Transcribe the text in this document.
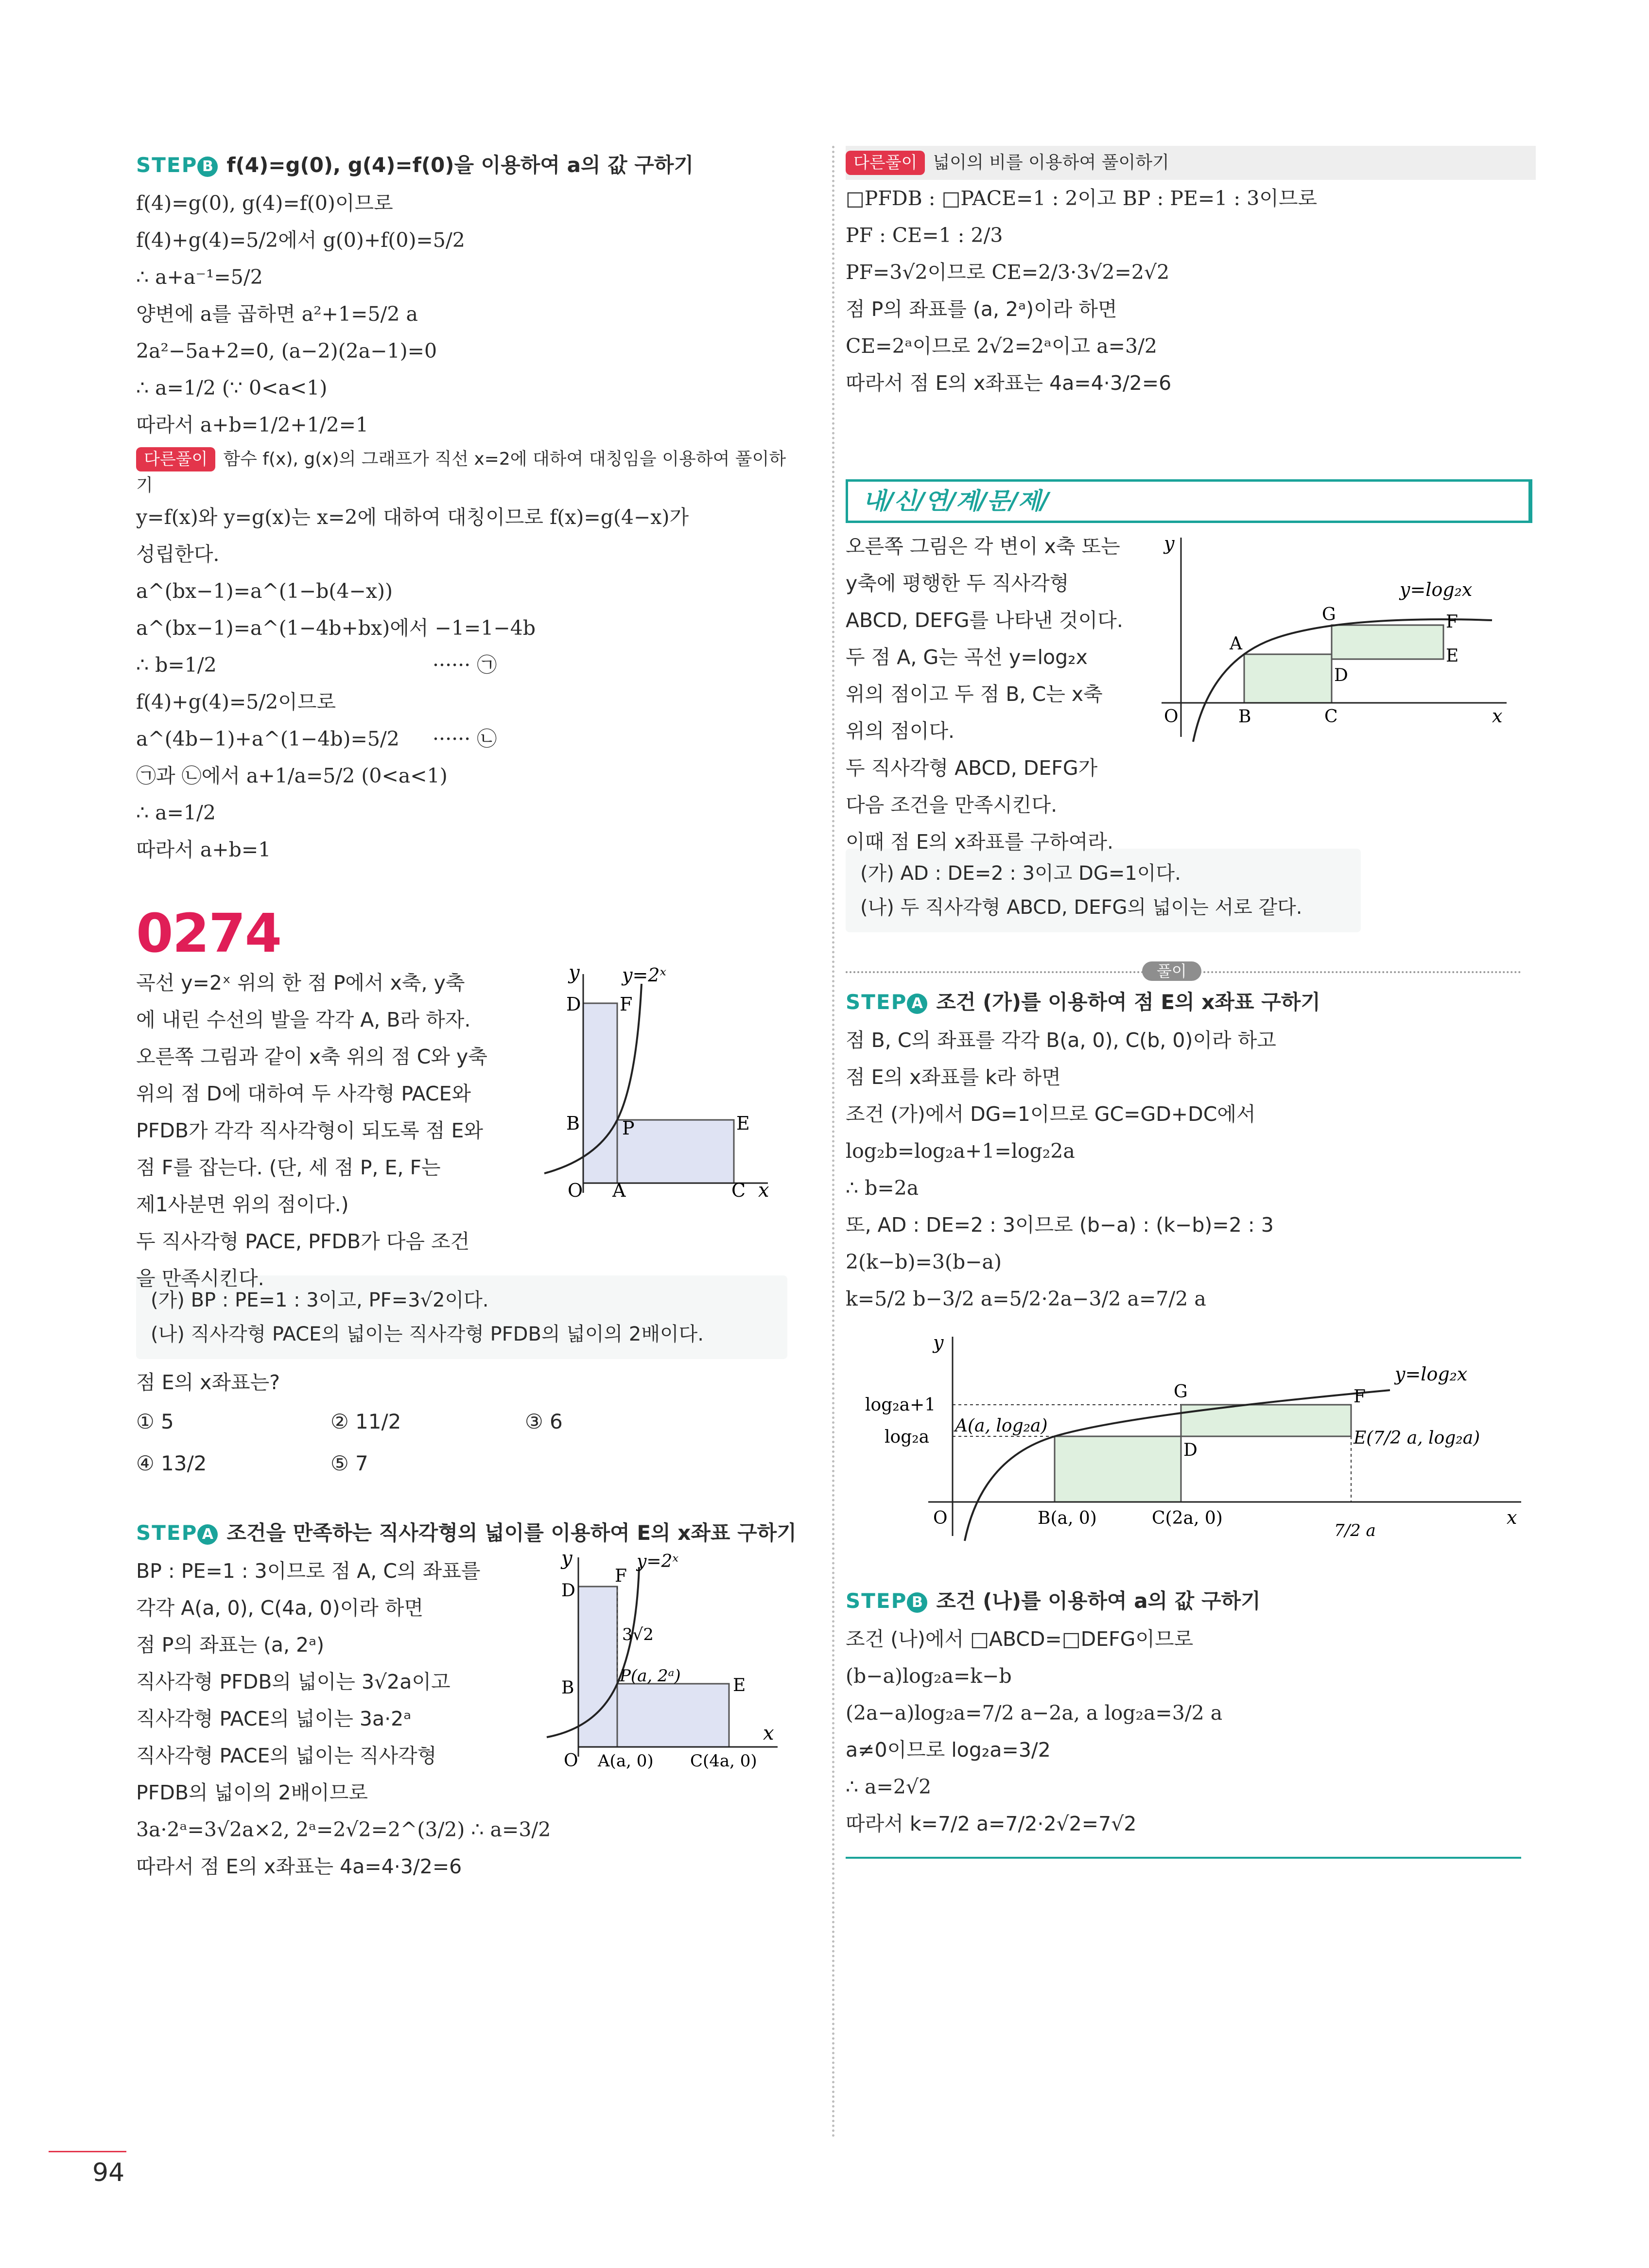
94
STEP B f(4)=g(0), g(4)=f(0)을 이용하여 a의 값 구하기
f(4)=g(0), g(4)=f(0)이므로
f(4)+g(4)=5/2에서 g(0)+f(0)=5/2
∴ a+a⁻¹=5/2
양변에 a를 곱하면 a²+1=5/2 a
2a²−5a+2=0, (a−2)(2a−1)=0
∴ a=1/2 (∵ 0<a<1)
따라서 a+b=1/2+1/2=1
다른풀이 함수 f(x), g(x)의 그래프가 직선 x=2에 대하여 대칭임을 이용하여 풀이하기
y=f(x)와 y=g(x)는 x=2에 대하여 대칭이므로 f(x)=g(4−x)가
성립한다.
a^(bx−1)=a^(1−b(4−x))
a^(bx−1)=a^(1−4b+bx)에서 −1=1−4b
∴ b=1/2	······ ㉠
f(4)+g(4)=5/2이므로
a^(4b−1)+a^(1−4b)=5/2 ······ ㉡
㉠과 ㉡에서 a+1/a=5/2 (0<a<1)
∴ a=1/2
따라서 a+b=1
0274
곡선 y=2ˣ 위의 한 점 P에서 x축, y축
에 내린 수선의 발을 각각 A, B라 하자.
오른쪽 그림과 같이 x축 위의 점 C와 y축
위의 점 D에 대하여 두 사각형 PACE와
PFDB가 각각 직사각형이 되도록 점 E와
점 F를 잡는다. (단, 세 점 P, E, F는
제1사분면 위의 점이다.)
두 직사각형 PACE, PFDB가 다음 조건
을 만족시킨다.
y
x
O A	C
D F
B P	E
y=2ˣ
(가) BP : PE=1 : 3이고, PF=3√2이다.
(나) 직사각형 PACE의 넓이는 직사각형 PFDB의 넓이의 2배이다.
점 E의 x좌표는?
① 5	② 11/2	③ 6
④ 13/2	⑤ 7
STEP A 조건을 만족하는 직사각형의 넓이를 이용하여 E의 x좌표 구하기
BP : PE=1 : 3이므로 점 A, C의 좌표를
각각 A(a, 0), C(4a, 0)이라 하면
점 P의 좌표는 (a, 2ᵃ)
직사각형 PFDB의 넓이는 3√2a이고
직사각형 PACE의 넓이는 3a·2ᵃ
직사각형 PACE의 넓이는 직사각형
PFDB의 넓이의 2배이므로
3a·2ᵃ=3√2a×2, 2ᵃ=2√2=2^(3/2) ∴ a=3/2
따라서 점 E의 x좌표는 4a=4·3/2=6
y
x
O
F
D
3√2
B
P(a, 2ᵃ)	E
A(a, 0) C(4a, 0)
y=2ˣ
다른풀이 넓이의 비를 이용하여 풀이하기
□PFDB : □PACE=1 : 2이고 BP : PE=1 : 3이므로
PF : CE=1 : 2/3
PF=3√2이므로 CE=2/3·3√2=2√2
점 P의 좌표를 (a, 2ᵃ)이라 하면
CE=2ᵃ이므로 2√2=2ᵃ이고 a=3/2
따라서 점 E의 x좌표는 4a=4·3/2=6
내/신/연/계/문/제/
오른쪽 그림은 각 변이 x축 또는
y축에 평행한 두 직사각형
ABCD, DEFG를 나타낸 것이다.
두 점 A, G는 곡선 y=log₂x
위의 점이고 두 점 B, C는 x축
위의 점이다.
두 직사각형 ABCD, DEFG가
다음 조건을 만족시킨다.
이때 점 E의 x좌표를 구하여라.
y
x
O
A
B	C
D
E
F
G
y=log₂x
(가) AD : DE=2 : 3이고 DG=1이다.
(나) 두 직사각형 ABCD, DEFG의 넓이는 서로 같다.
풀이
STEP A 조건 (가)를 이용하여 점 E의 x좌표 구하기
점 B, C의 좌표를 각각 B(a, 0), C(b, 0)이라 하고
점 E의 x좌표를 k라 하면
조건 (가)에서 DG=1이므로 GC=GD+DC에서
log₂b=log₂a+1=log₂2a
∴ b=2a
또, AD : DE=2 : 3이므로 (b−a) : (k−b)=2 : 3
2(k−b)=3(b−a)
k=5/2 b−3/2 a=5/2·2a−3/2 a=7/2 a
y
x
O
log₂a+1
log₂a
A(a, log₂a)
G	F
D
E(7/2 a, log₂a)
B(a, 0)	C(2a, 0)
7/2 a
y=log₂x
STEP B 조건 (나)를 이용하여 a의 값 구하기
조건 (나)에서 □ABCD=□DEFG이므로
(b−a)log₂a=k−b
(2a−a)log₂a=7/2 a−2a, a log₂a=3/2 a
a≠0이므로 log₂a=3/2
∴ a=2√2
따라서 k=7/2 a=7/2·2√2=7√2
